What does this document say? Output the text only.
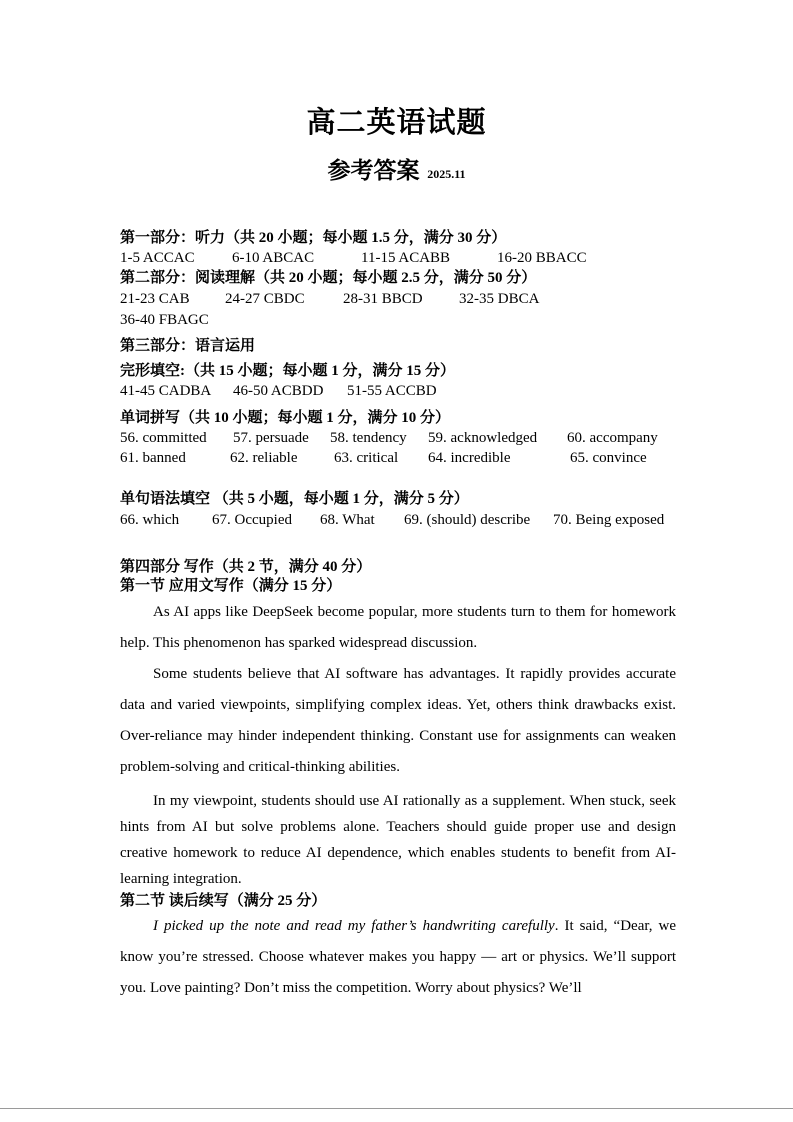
高二英语试题
参考答案 2025.11
第一部分：听力（共 20 小题；每小题 1.5 分，满分 30 分）
1-5 ACCAC 6-10 ABCAC	11-15 ACABB	16-20 BBACC
第二部分：阅读理解（共 20 小题；每小题 2.5 分，满分 50 分）
21-23 CAB 24-27 CBDC	28-31 BBCD 32-35 DBCA
36-40 FBAGC
第三部分：语言运用
完形填空:（共 15 小题；每小题 1 分，满分 15 分）
41-45 CADBA 46-50 ACBDD 51-55 ACCBD
单词拼写（共 10 小题；每小题 1 分，满分 10 分）
56. committed 57. persuade 58. tendency 59. acknowledged 60. accompany
61. banned	62. reliable 63. critical 64. incredible	65. convince
单句语法填空 （共 5 小题，每小题 1 分，满分 5 分）
66. which 67. Occupied 68. What 69. (should) describe 70. Being exposed
第四部分 写作（共 2 节，满分 40 分）
第一节 应用文写作（满分 15 分）

As AI apps like DeepSeek become popular, more students turn to them for homework help. This phenomenon has sparked widespread discussion.

Some students believe that AI software has advantages. It rapidly provides accurate data and varied viewpoints, simplifying complex ideas. Yet, others think drawbacks exist. Over-reliance may hinder independent thinking. Constant use for assignments can weaken problem-solving and critical-thinking abilities.

In my viewpoint, students should use AI rationally as a supplement. When stuck, seek hints from AI but solve problems alone. Teachers should guide proper use and design creative homework to reduce AI dependence, which enables students to benefit from AI-learning integration.

第二节 读后续写（满分 25 分）

I picked up the note and read my father’s handwriting carefully. It said, “Dear, we know you’re stressed. Choose whatever makes you happy — art or physics. We’ll support you. Love painting? Don’t miss the competition. Worry about physics? We’ll
